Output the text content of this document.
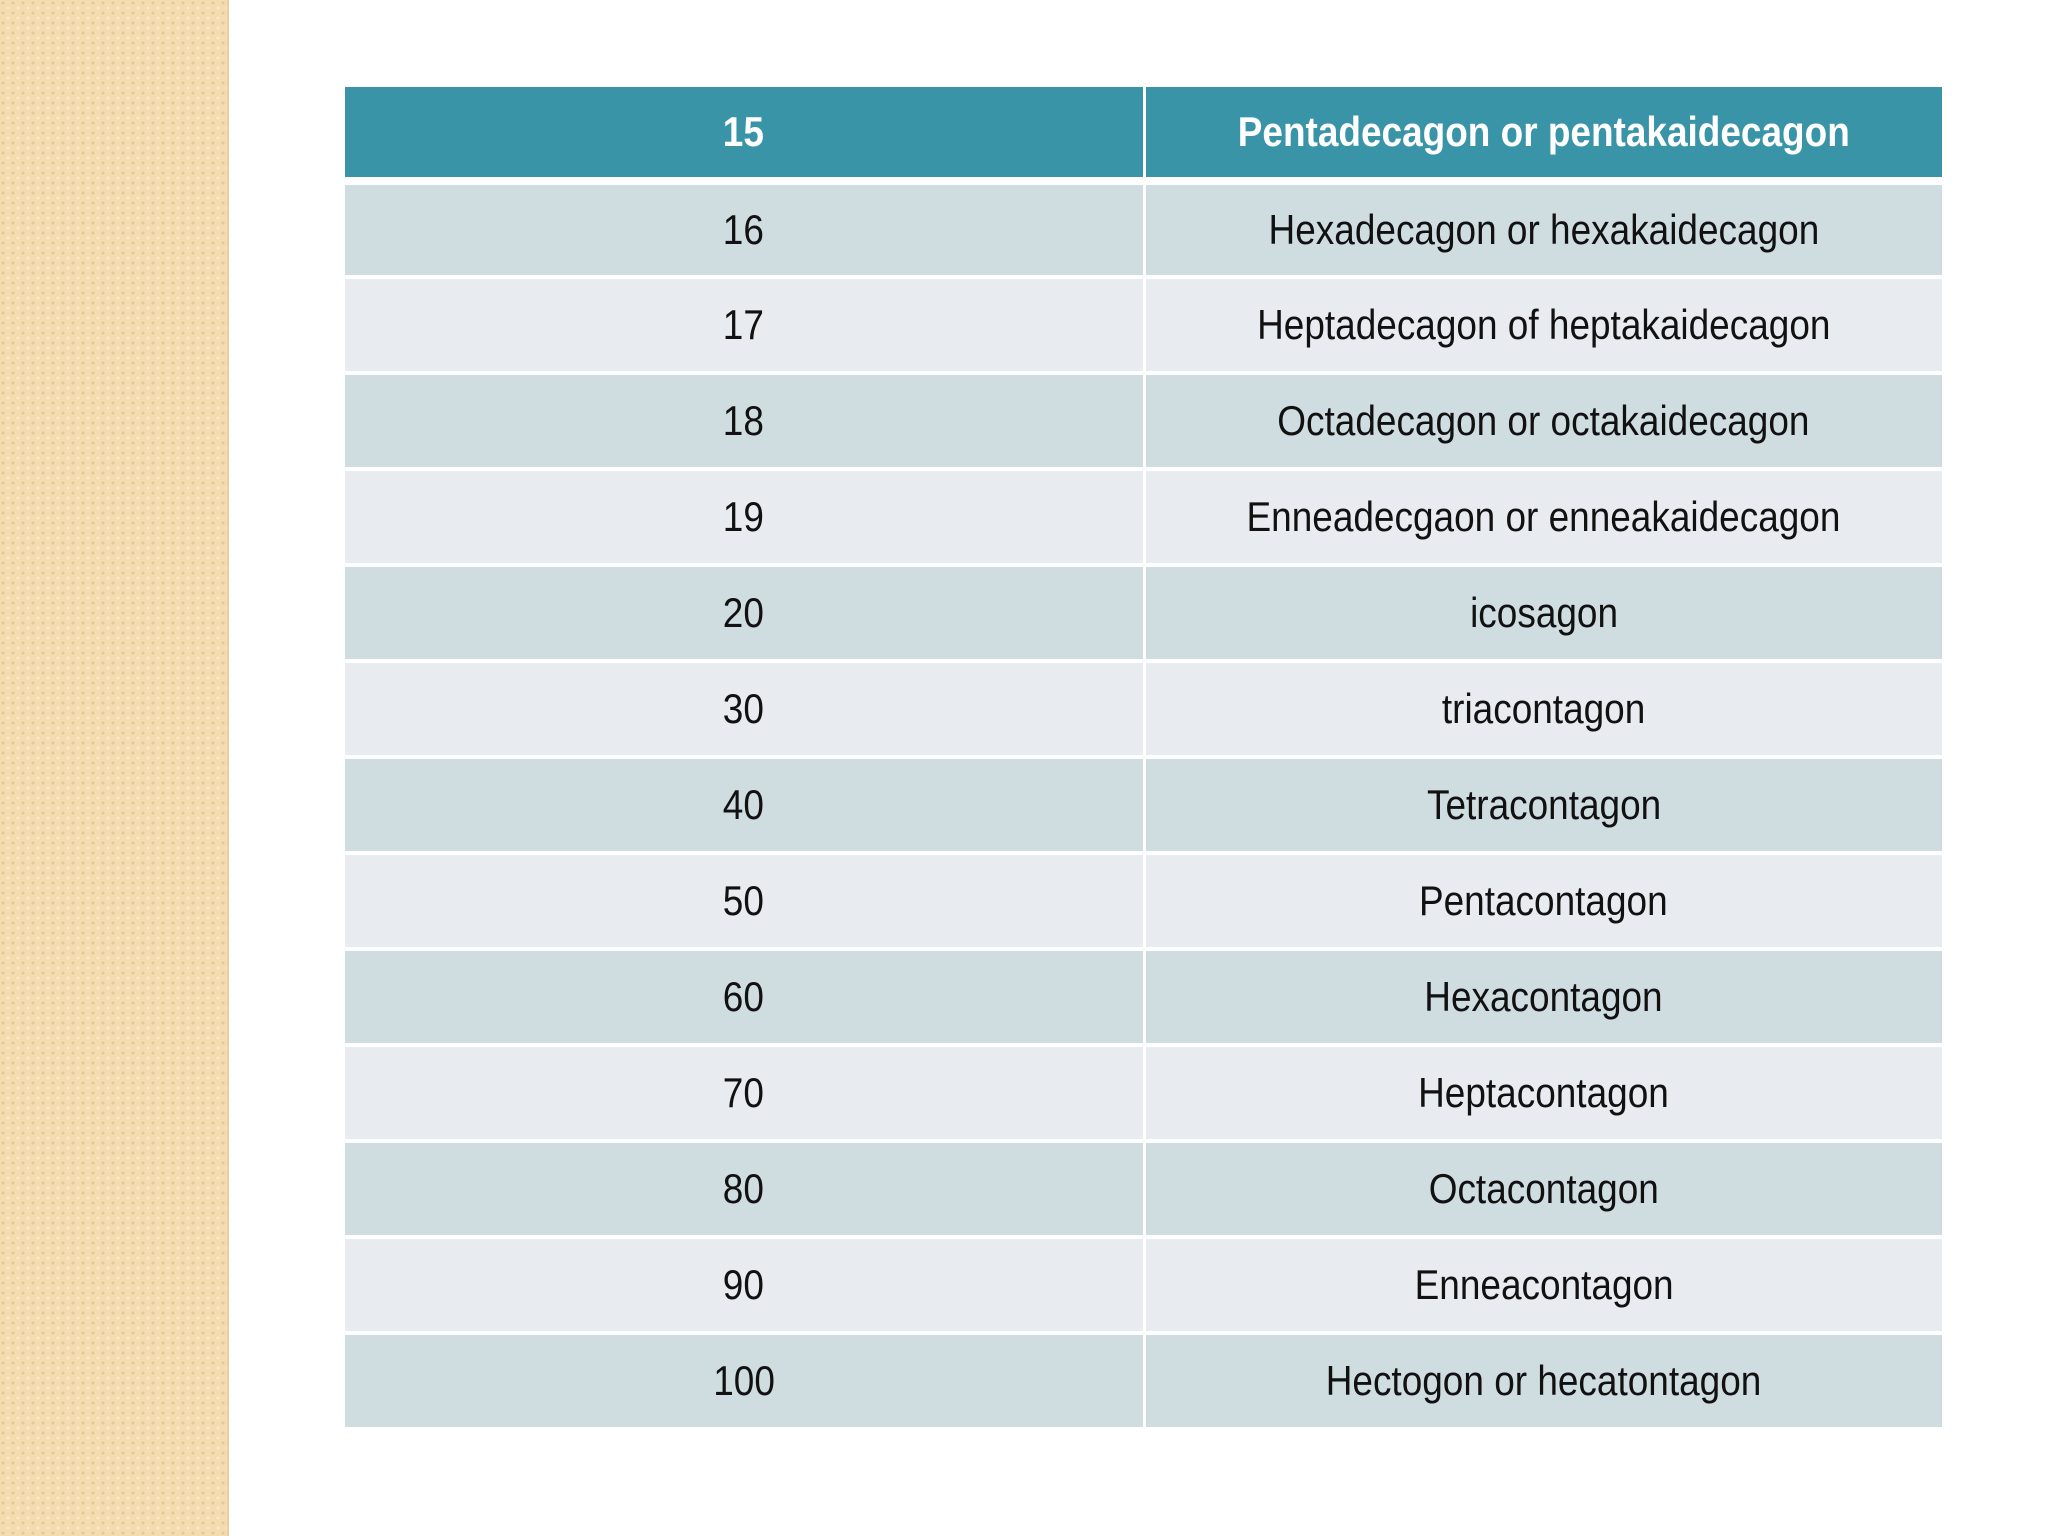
15	Pentadecagon or pentakaidecagon
16	Hexadecagon or hexakaidecagon
17	Heptadecagon of heptakaidecagon
18	Octadecagon or octakaidecagon
19	Enneadecgaon or enneakaidecagon
20	icosagon
30	triacontagon
40	Tetracontagon
50	Pentacontagon
60	Hexacontagon
70	Heptacontagon
80	Octacontagon
90	Enneacontagon
100	Hectogon or hecatontagon
